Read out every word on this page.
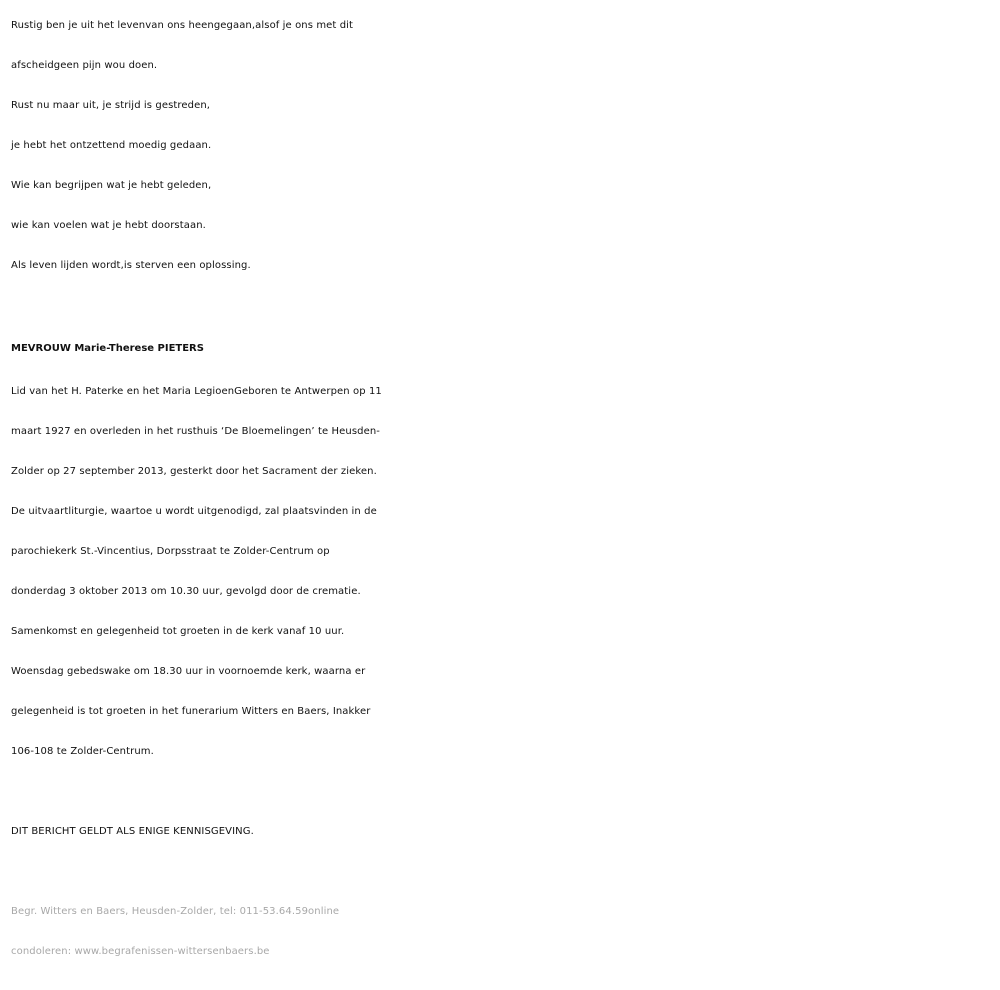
Rustig ben je uit het levenvan ons heengegaan,alsof je ons met dit
afscheidgeen pijn wou doen.
Rust nu maar uit, je strijd is gestreden,
je hebt het ontzettend moedig gedaan.
Wie kan begrijpen wat je hebt geleden,
wie kan voelen wat je hebt doorstaan.
Als leven lijden wordt,is sterven een oplossing.
MEVROUW Marie-Therese PIETERS
Lid van het H. Paterke en het Maria LegioenGeboren te Antwerpen op 11
maart 1927 en overleden in het rusthuis ‘De Bloemelingen’ te Heusden-
Zolder op 27 september 2013, gesterkt door het Sacrament der zieken.
De uitvaartliturgie, waartoe u wordt uitgenodigd, zal plaatsvinden in de
parochiekerk St.-Vincentius, Dorpsstraat te Zolder-Centrum op
donderdag 3 oktober 2013 om 10.30 uur, gevolgd door de crematie.
Samenkomst en gelegenheid tot groeten in de kerk vanaf 10 uur.
Woensdag gebedswake om 18.30 uur in voornoemde kerk, waarna er
gelegenheid is tot groeten in het funerarium Witters en Baers, Inakker
106-108 te Zolder-Centrum.
DIT BERICHT GELDT ALS ENIGE KENNISGEVING.
Begr. Witters en Baers, Heusden-Zolder, tel: 011-53.64.59online
condoleren: www.begrafenissen-wittersenbaers.be
